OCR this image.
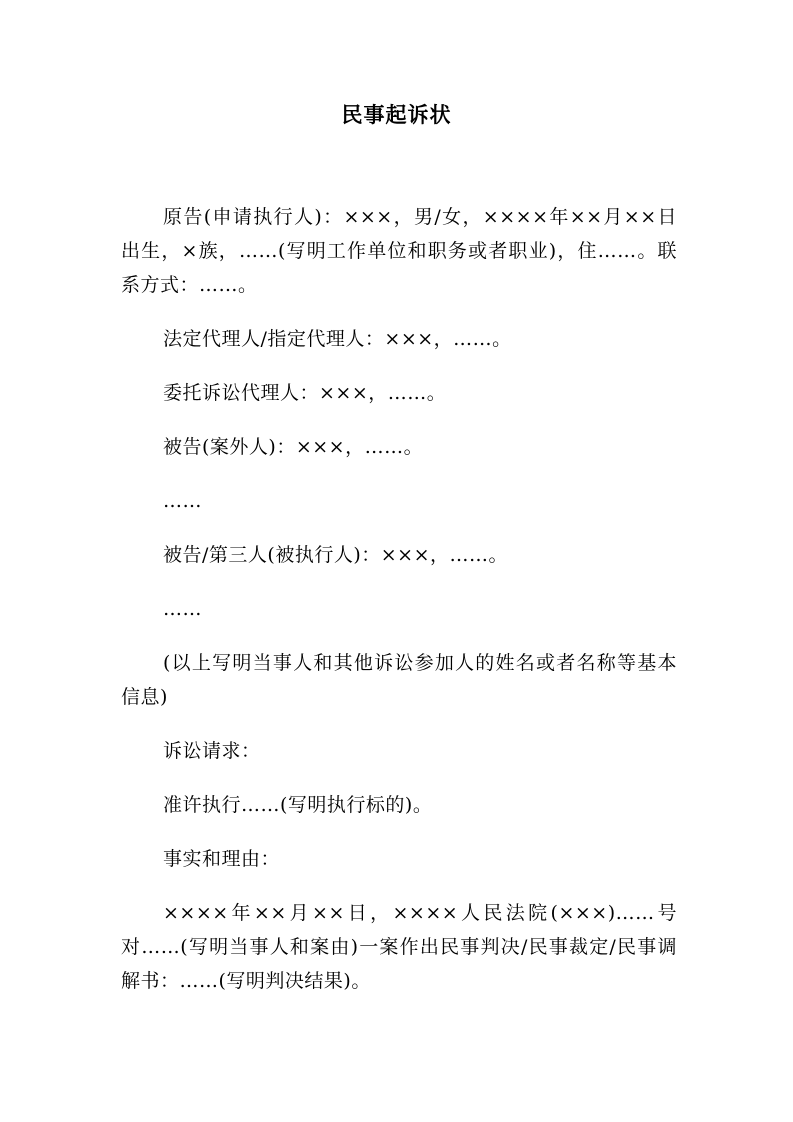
民事起诉状

原告(申请执行人)：×××，男/女，××××年××月××日出生，×族，……(写明工作单位和职务或者职业)，住……。联系方式：……。

法定代理人/指定代理人：×××，……。

委托诉讼代理人：×××，……。

被告(案外人)：×××，……。

……

被告/第三人(被执行人)：×××，……。

……

(以上写明当事人和其他诉讼参加人的姓名或者名称等基本信息)

诉讼请求：

准许执行……(写明执行标的)。

事实和理由：

××××年××月××日，××××人民法院(×××)……号对……(写明当事人和案由)一案作出民事判决/民事裁定/民事调解书：……(写明判决结果)。
